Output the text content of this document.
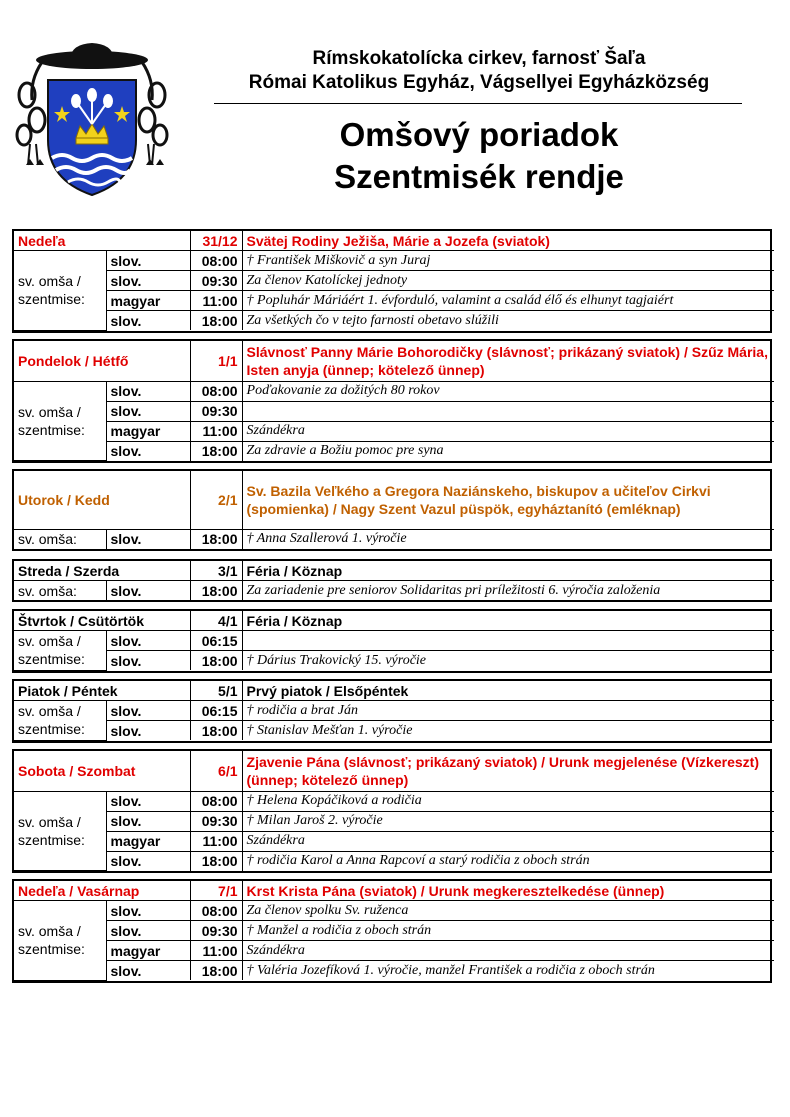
Rímskokatolícka cirkev, farnosť Šaľa
Római Katolikus Egyház, Vágsellyei Egyházközség
Omšový poriadok
Szentmisék rendje
Nedeľa		31/12	Svätej Rodiny Ježiša, Márie a Jozefa (sviatok)
sv. omša / szentmise:	slov.	08:00	† František Miškovič a syn Juraj
	slov.	09:30	Za členov Katolíckej jednoty
	magyar	11:00	† Popluhár Máriáért 1. évforduló, valamint a család élő és elhunyt tagjaiért
	slov.	18:00	Za všetkých čo v tejto farnosti obetavo slúžili
Pondelok / Hétfő		1/1	Slávnosť Panny Márie Bohorodičky (slávnosť; prikázaný sviatok) / Szűz Mária, Isten anyja (ünnep; kötelező ünnep)
sv. omša / szentmise:	slov.	08:00	Poďakovanie za dožitých 80 rokov
	slov.	09:30	
	magyar	11:00	Szándékra
	slov.	18:00	Za zdravie a Božiu pomoc pre syna
Utorok / Kedd		2/1	Sv. Bazila Veľkého a Gregora Naziánskeho, biskupov a učiteľov Cirkvi (spomienka) / Nagy Szent Vazul püspök, egyháztanító (emléknap)
sv. omša:	slov.	18:00	† Anna Szallerová 1. výročie
Streda / Szerda		3/1	Féria / Köznap
sv. omša:	slov.	18:00	Za zariadenie pre seniorov Solidaritas pri príležitosti 6. výročia založenia
Štvrtok / Csütörtök		4/1	Féria / Köznap
sv. omša / szentmise:	slov.	06:15	
	slov.	18:00	† Dárius Trakovický 15. výročie
Piatok / Péntek		5/1	Prvý piatok / Elsőpéntek
sv. omša / szentmise:	slov.	06:15	† rodičia a brat Ján
	slov.	18:00	† Stanislav Mešťan 1. výročie
Sobota / Szombat		6/1	Zjavenie Pána (slávnosť; prikázaný sviatok) / Urunk megjelenése (Vízkereszt) (ünnep; kötelező ünnep)
sv. omša / szentmise:	slov.	08:00	† Helena Kopáčiková a rodičia
	slov.	09:30	† Milan Jaroš 2. výročie
	magyar	11:00	Szándékra
	slov.	18:00	† rodičia Karol a Anna Rapcoví a starý rodičia z oboch strán
Nedeľa / Vasárnap		7/1	Krst Krista Pána (sviatok) / Urunk megkeresztelkedése (ünnep)
sv. omša / szentmise:	slov.	08:00	Za členov spolku Sv. ruženca
	slov.	09:30	† Manžel a rodičia z oboch strán
	magyar	11:00	Szándékra
	slov.	18:00	† Valéria Jozefíková 1. výročie, manžel František a rodičia z oboch strán
